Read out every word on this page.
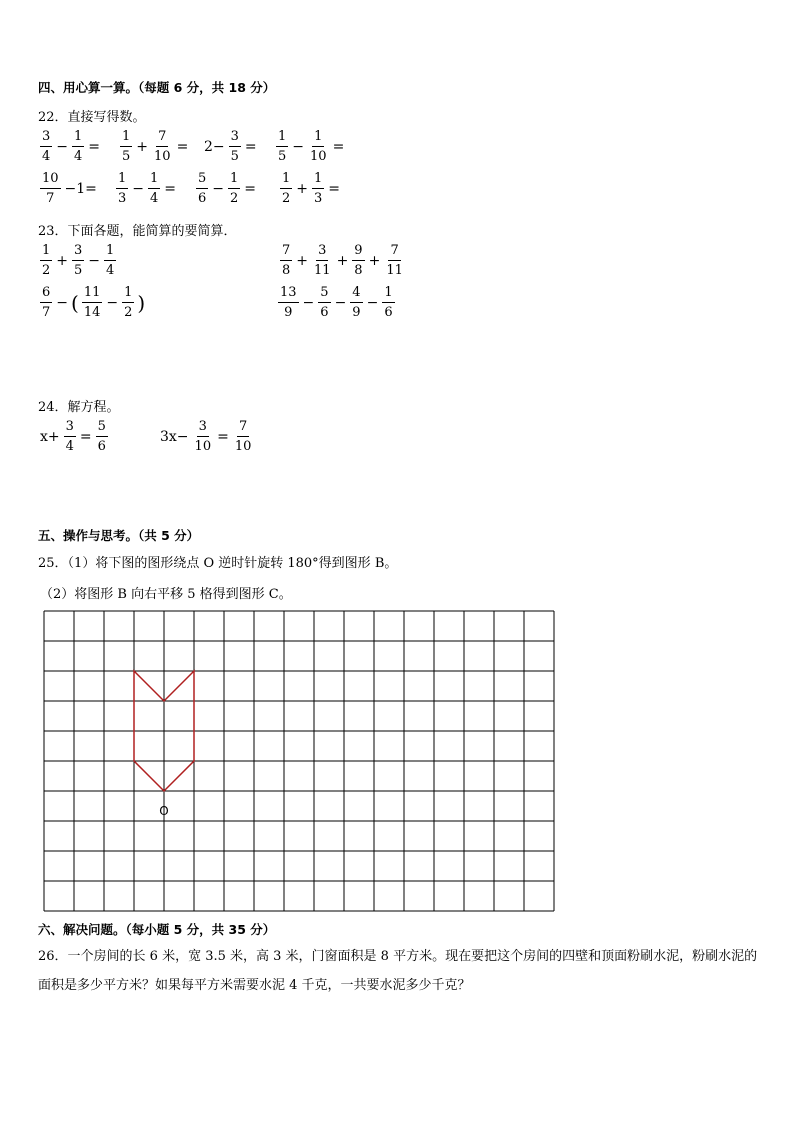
四、用心算一算。（每题 6 分，共 18 分）
22．直接写得数。
$\frac{3}{4} - \frac{1}{4} = \frac{1}{5} + \frac{7}{10} = 2- \frac{3}{5} = \frac{1}{5} - \frac{1}{10}$ =
$\frac{10}{7} -1= \frac{1}{3} - \frac{1}{4} = \frac{5}{6} - \frac{1}{2} = \frac{1}{2} + \frac{1}{3}$ =
23．下面各题，能简算的要简算．
$\frac{1}{2} + \frac{3}{5} - \frac{1}{4}$	$\frac{7}{8} + \frac{3}{11} + \frac{9}{8} + \frac{7}{11}$
$\frac{6}{7}$ − ( $\frac{11}{14} - \frac{1}{2}$ )	$\frac{13}{9} - \frac{5}{6} - \frac{4}{9} - \frac{1}{6}$
24．解方程。
$x+ \frac{3}{4} = \frac{5}{6}$	$3x- \frac{3}{10} = \frac{7}{10}$
五、操作与思考。（共 5 分）
25．（1）将下图的图形绕点 O 逆时针旋转 180°得到图形 B。
（2）将图形 B 向右平移 5 格得到图形 C。
O
六、解决问题。（每小题 5 分，共 35 分）
26．一个房间的长 6 米，宽 3.5 米，高 3 米，门窗面积是 8 平方米。现在要把这个房间的四壁和顶面粉刷水泥，粉刷水泥的面积是多少平方米？如果每平方米需要水泥 4 千克，一共要水泥多少千克？
